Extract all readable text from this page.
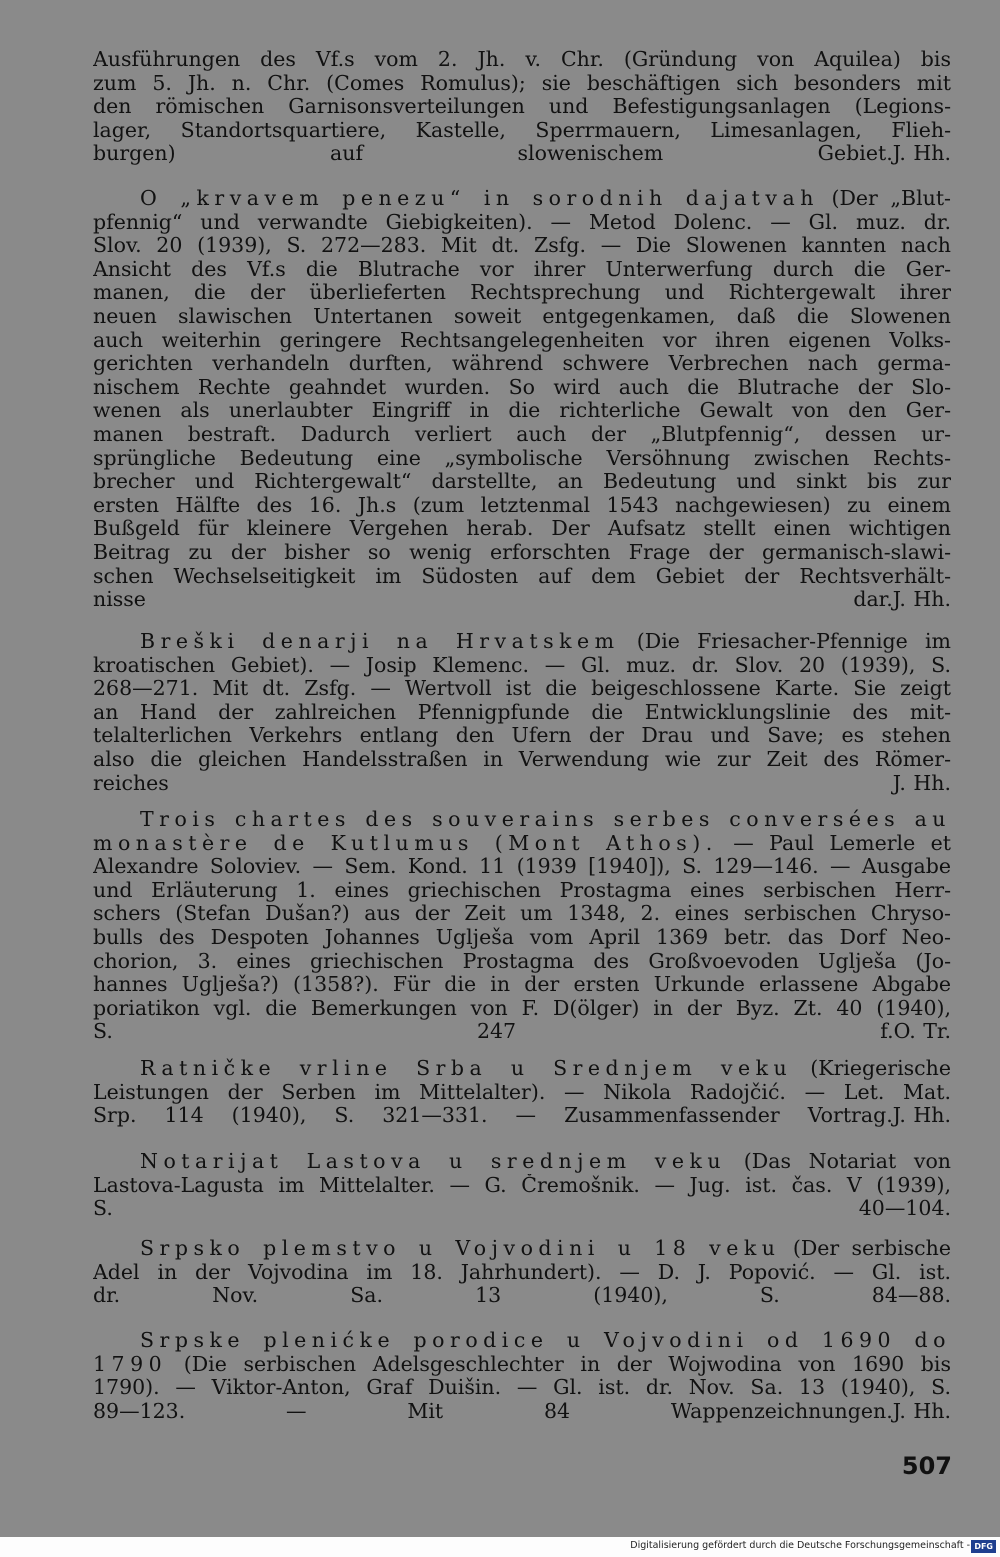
Ausführungen des Vf.s vom 2. Jh. v. Chr. (Gründung von Aquilea) bis
zum 5. Jh. n. Chr. (Comes Romulus); sie beschäftigen sich besonders mit
den römischen Garnisonsverteilungen und Befestigungsanlagen (Legions-
lager, Standortsquartiere, Kastelle, Sperrmauern, Limesanlagen, Flieh-
burgen) auf slowenischem Gebiet. J. Hh.
O „krvavem penezu“ in sorodnih dajatvah (Der „Blut-
pfennig“ und verwandte Giebigkeiten). — Metod Dolenc. — Gl. muz. dr.
Slov. 20 (1939), S. 272—283. Mit dt. Zsfg. — Die Slowenen kannten nach
Ansicht des Vf.s die Blutrache vor ihrer Unterwerfung durch die Ger-
manen, die der überlieferten Rechtsprechung und Richtergewalt ihrer
neuen slawischen Untertanen soweit entgegenkamen, daß die Slowenen
auch weiterhin geringere Rechtsangelegenheiten vor ihren eigenen Volks-
gerichten verhandeln durften, während schwere Verbrechen nach germa-
nischem Rechte geahndet wurden. So wird auch die Blutrache der Slo-
wenen als unerlaubter Eingriff in die richterliche Gewalt von den Ger-
manen bestraft. Dadurch verliert auch der „Blutpfennig“, dessen ur-
sprüngliche Bedeutung eine „symbolische Versöhnung zwischen Rechts-
brecher und Richtergewalt“ darstellte, an Bedeutung und sinkt bis zur
ersten Hälfte des 16. Jh.s (zum letztenmal 1543 nachgewiesen) zu einem
Bußgeld für kleinere Vergehen herab. Der Aufsatz stellt einen wichtigen
Beitrag zu der bisher so wenig erforschten Frage der germanisch-slawi-
schen Wechselseitigkeit im Südosten auf dem Gebiet der Rechtsverhält-
nisse dar. J. Hh.
Breški denarji na Hrvatskem (Die Friesacher-Pfennige im
kroatischen Gebiet). — Josip Klemenc. — Gl. muz. dr. Slov. 20 (1939), S.
268—271. Mit dt. Zsfg. — Wertvoll ist die beigeschlossene Karte. Sie zeigt
an Hand der zahlreichen Pfennigpfunde die Entwicklungslinie des mit-
telalterlichen Verkehrs entlang den Ufern der Drau und Save; es stehen
also die gleichen Handelsstraßen in Verwendung wie zur Zeit des Römer-
reiches	J. Hh.
Trois chartes des souverains serbes conversées au
monastère de Kutlumus (Mont Athos). — Paul Lemerle et
Alexandre Soloviev. — Sem. Kond. 11 (1939 [1940]), S. 129—146. — Ausgabe
und Erläuterung 1. eines griechischen Prostagma eines serbischen Herr-
schers (Stefan Dušan?) aus der Zeit um 1348, 2. eines serbischen Chryso-
bulls des Despoten Johannes Uglješa vom April 1369 betr. das Dorf Neo-
chorion, 3. eines griechischen Prostagma des Großvoevoden Uglješa (Jo-
hannes Uglješa?) (1358?). Für die in der ersten Urkunde erlassene Abgabe
poriatikon vgl. die Bemerkungen von F. D(ölger) in der Byz. Zt. 40 (1940),
S. 247 f. O. Tr.
Ratničke vrline Srba u Srednjem veku (Kriegerische
Leistungen der Serben im Mittelalter). — Nikola Radojčić. — Let. Mat.
Srp. 114 (1940), S. 321—331. — Zusammenfassender Vortrag. J. Hh.
Notarijat Lastova u srednjem veku (Das Notariat von
Lastova-Lagusta im Mittelalter. — G. Čremošnik. — Jug. ist. čas. V (1939),
S. 40—104.
Srpsko plemstvo u Vojvodini u 18 veku (Der serbische
Adel in der Vojvodina im 18. Jahrhundert). — D. J. Popović. — Gl. ist.
dr. Nov. Sa. 13 (1940), S. 84—88.
Srpske plenićke porodice u Vojvodini od 1690 do
1790 (Die serbischen Adelsgeschlechter in der Wojwodina von 1690 bis
1790). — Viktor-Anton, Graf Duišin. — Gl. ist. dr. Nov. Sa. 13 (1940), S.
89—123. — Mit 84 Wappenzeichnungen. J. Hh.
507
Digitalisierung gefördert durch die Deutsche Forschungsgemeinschaft - DFG
